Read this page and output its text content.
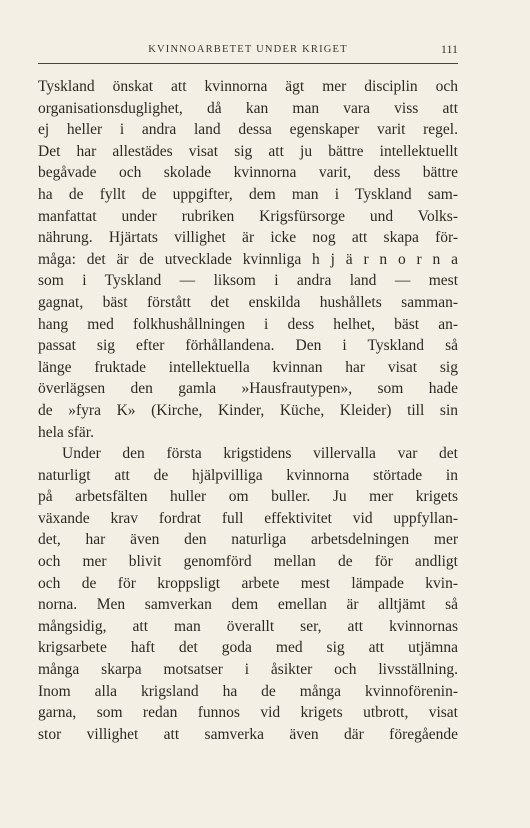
KVINNOARBETET UNDER KRIGET	111
Tyskland önskat att kvinnorna ägt mer disciplin och
organisationsduglighet, då kan man vara viss att
ej heller i andra land dessa egenskaper varit regel.
Det har allestädes visat sig att ju bättre intellektuellt
begåvade och skolade kvinnorna varit, dess bättre
ha de fyllt de uppgifter, dem man i Tyskland sam-
manfattat under rubriken Krigsfürsorge und Volks-
nährung. Hjärtats villighet är icke nog att skapa för-
måga: det är de utvecklade kvinnliga h j ä r n o r n a
som i Tyskland — liksom i andra land — mest
gagnat, bäst förstått det enskilda hushållets samman-
hang med folkhushållningen i dess helhet, bäst an-
passat sig efter förhållandena. Den i Tyskland så
länge fruktade intellektuella kvinnan har visat sig
överlägsen den gamla »Hausfrautypen», som hade
de »fyra K» (Kirche, Kinder, Küche, Kleider) till sin
hela sfär.
Under den första krigstidens villervalla var det
naturligt att de hjälpvilliga kvinnorna störtade in
på arbetsfälten huller om buller. Ju mer krigets
växande krav fordrat full effektivitet vid uppfyllan-
det, har även den naturliga arbetsdelningen mer
och mer blivit genomförd mellan de för andligt
och de för kroppsligt arbete mest lämpade kvin-
norna. Men samverkan dem emellan är alltjämt så
mångsidig, att man överallt ser, att kvinnornas
krigsarbete haft det goda med sig att utjämna
många skarpa motsatser i åsikter och livsställning.
Inom alla krigsland ha de många kvinnoförenin-
garna, som redan funnos vid krigets utbrott, visat
stor villighet att samverka även där föregående
